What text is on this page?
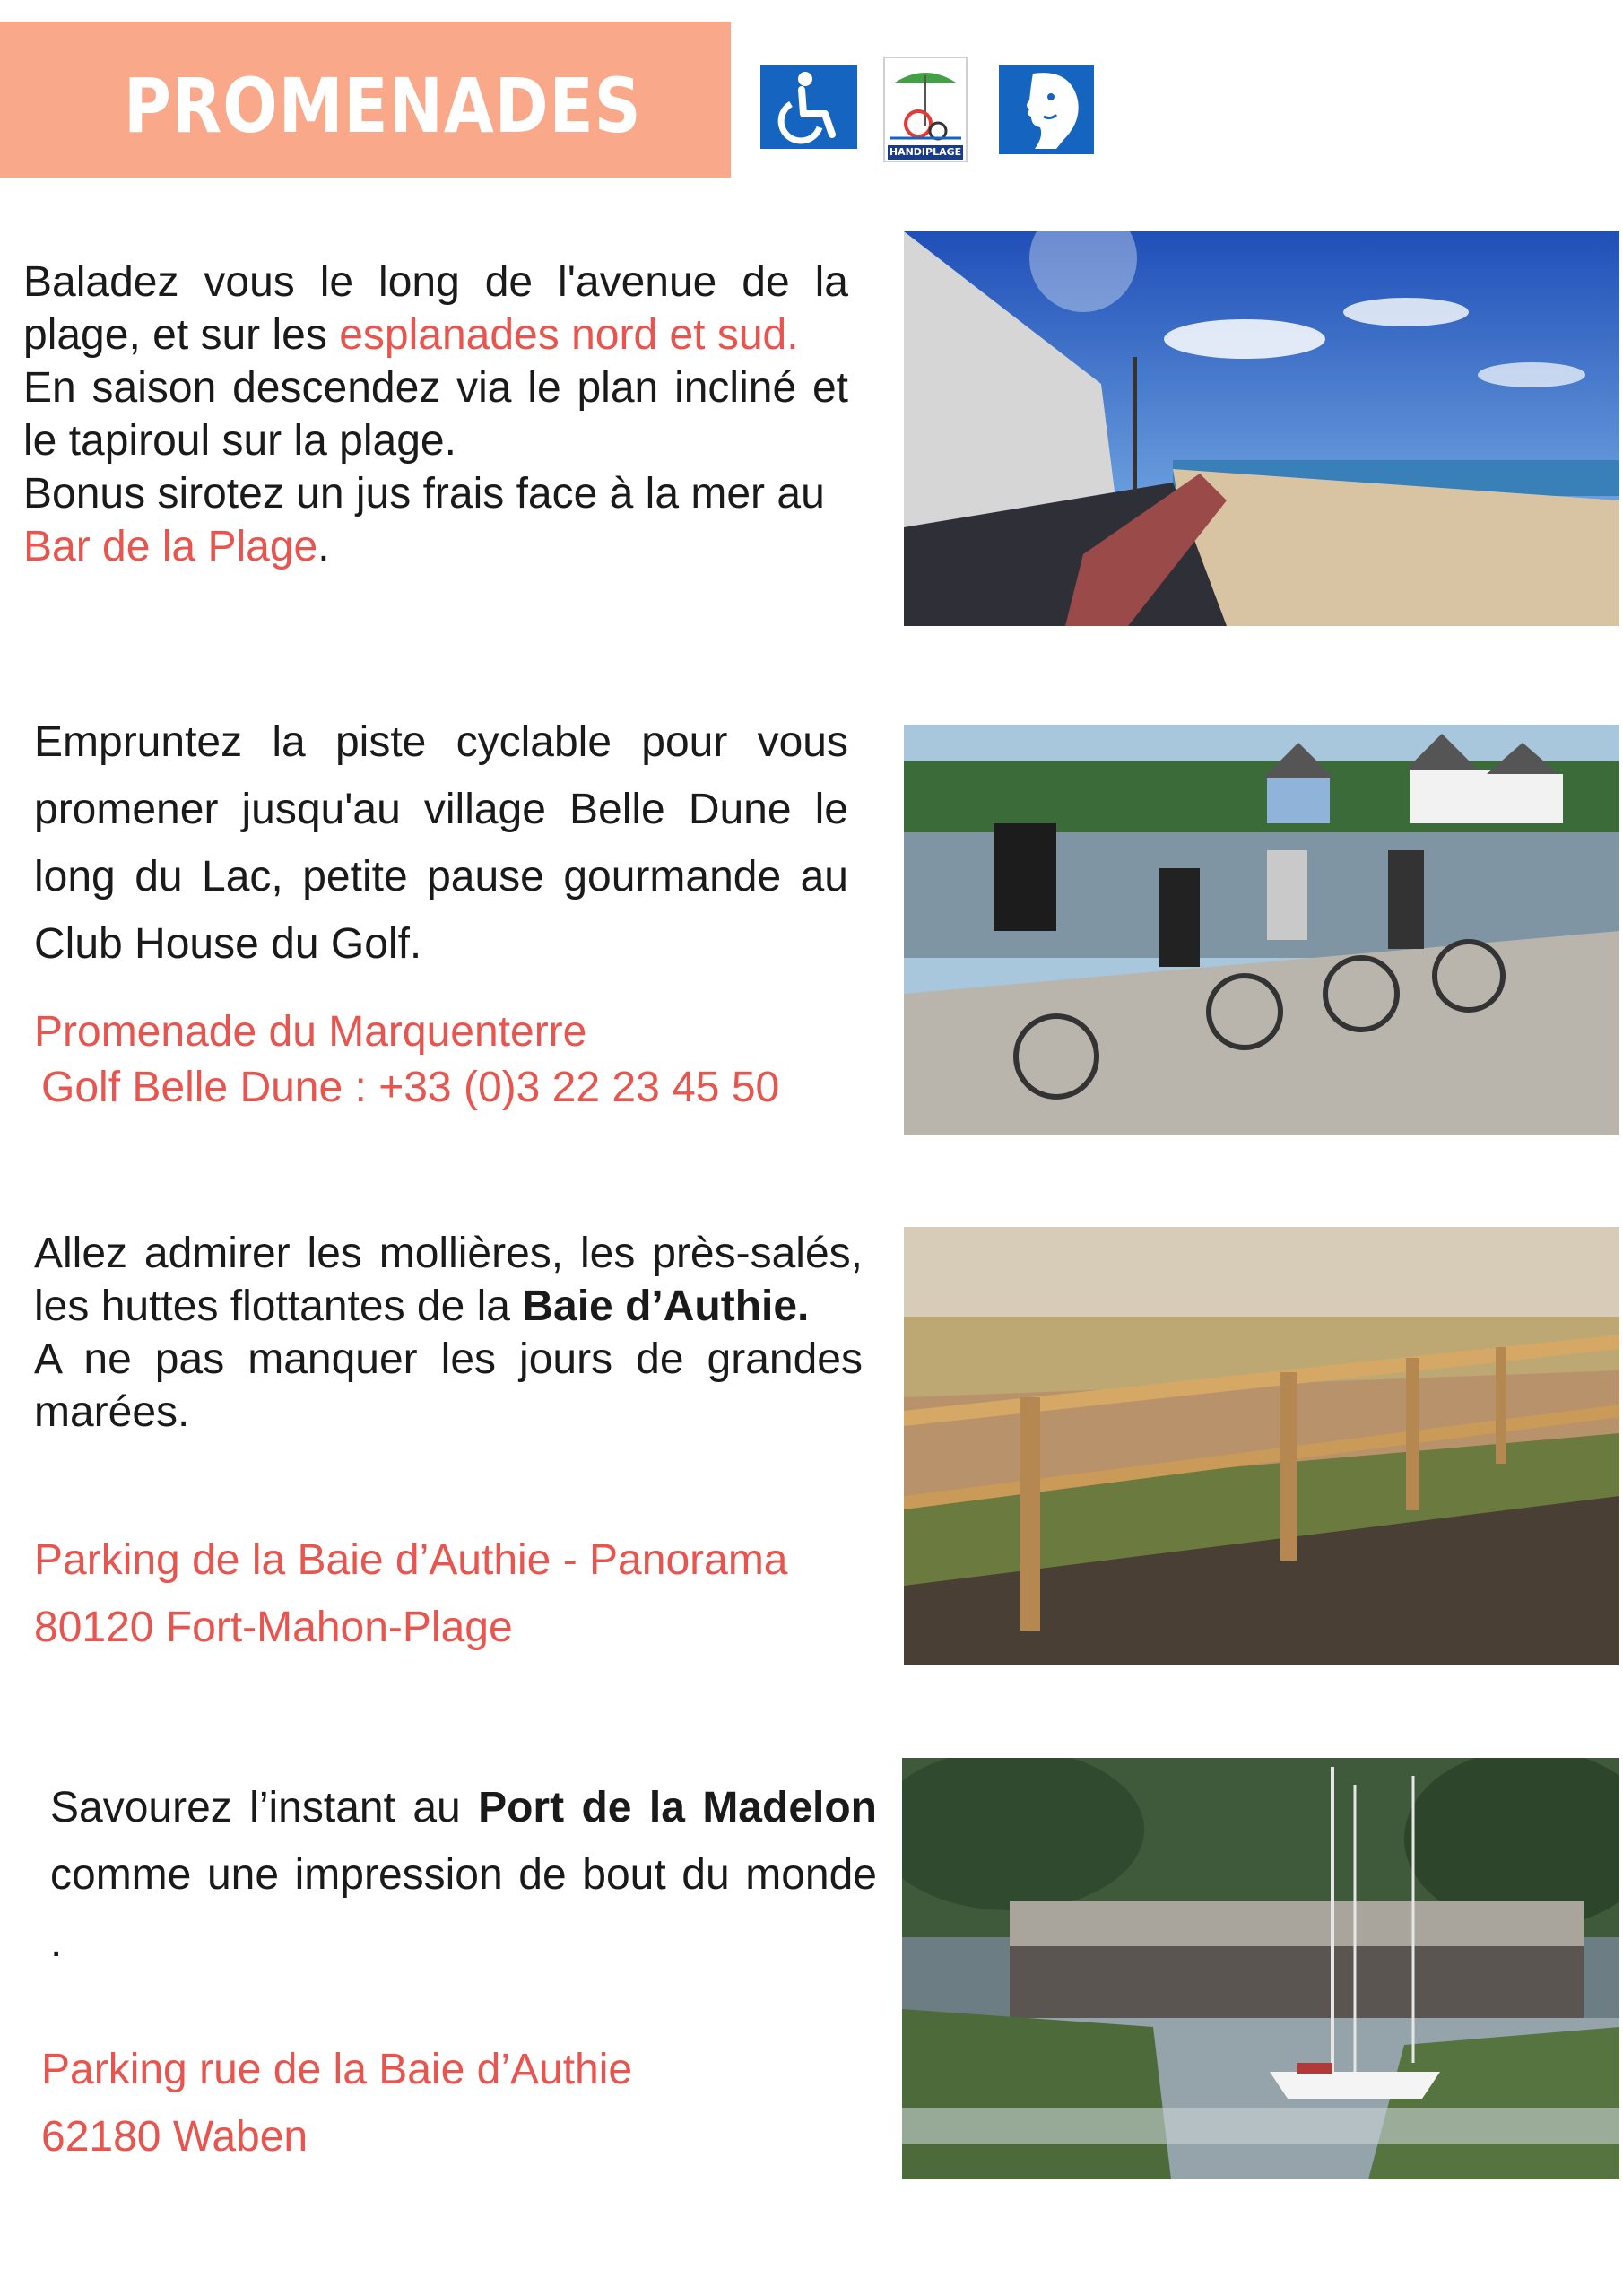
PROMENADES
HANDIPLAGE

Baladez vous le long de l'avenue de la plage, et sur les esplanades nord et sud.

En saison descendez via le plan incliné et le tapiroul sur la plage.

Bonus sirotez un jus frais face à la mer au Bar de la Plage.

Empruntez la piste cyclable pour vous promener jusqu'au village Belle Dune le long du Lac, petite pause gourmande au Club House du Golf.

Promenade du Marquenterre
Golf Belle Dune : +33 (0)3 22 23 45 50

Allez admirer les mollières, les près-salés, les huttes flottantes de la Baie d’Authie.

A ne pas manquer les jours de grandes marées.

Parking de la Baie d’Authie - Panorama
80120 Fort-Mahon-Plage

Savourez l’instant au Port de la Madelon comme une impression de bout du monde .

Parking rue de la Baie d’Authie
62180 Waben
